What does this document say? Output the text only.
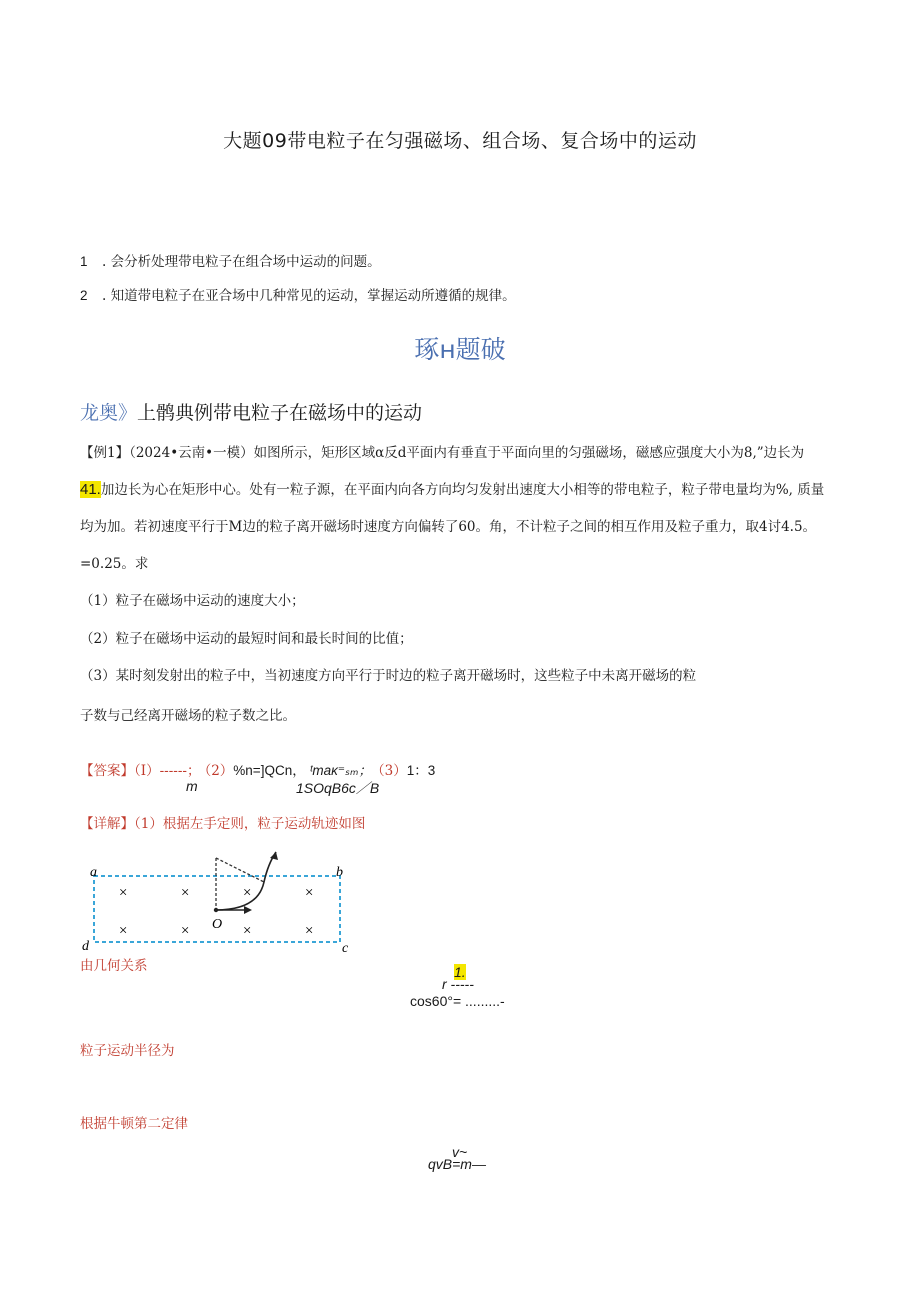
大题09带电粒子在匀强磁场、组合场、复合场中的运动
1 . 会分析处理带电粒子在组合场中运动的问题。
2 . 知道带电粒子在亚合场中几种常见的运动，掌握运动所遵循的规律。
琢н题破
龙奥》上鹘典例带电粒子在磁场中的运动
【例1】（2024•云南•一模）如图所示，矩形区域α反d平面内有垂直于平面向里的匀强磁场，磁感应强度大小为8,”边长为
41.加边长为心在矩形中心。处有一粒子源，在平面内向各方向均匀发射出速度大小相等的带电粒子，粒子带电量均为%, 质量
均为加。若初速度平行于M边的粒子离开磁场时速度方向偏转了60。角，不计粒子之间的相互作用及粒子重力，取4讨4.5。
=0.25。求
（1）粒子在磁场中运动的速度大小；
（2）粒子在磁场中运动的最短时间和最长时间的比值；
（3）某时刻发射出的粒子中，当初速度方向平行于时边的粒子离开磁场时，这些粒子中未离开磁场的粒
子数与己经离开磁场的粒子数之比。
【答案】（I）------； （2）%n=]QCn， ᵗmaκ⁼ₛₘ； （3）1：3
m	1SOqB6c／B
【详解】（1）根据左手定则，粒子运动轨迹如图
a	b
c
d
×	×	×	×
×	×	×	×
O
由几何关系	1.
r -----
cos60°= .........-
粒子运动半径为
根据牛顿第二定律
v~
qvB=m—
